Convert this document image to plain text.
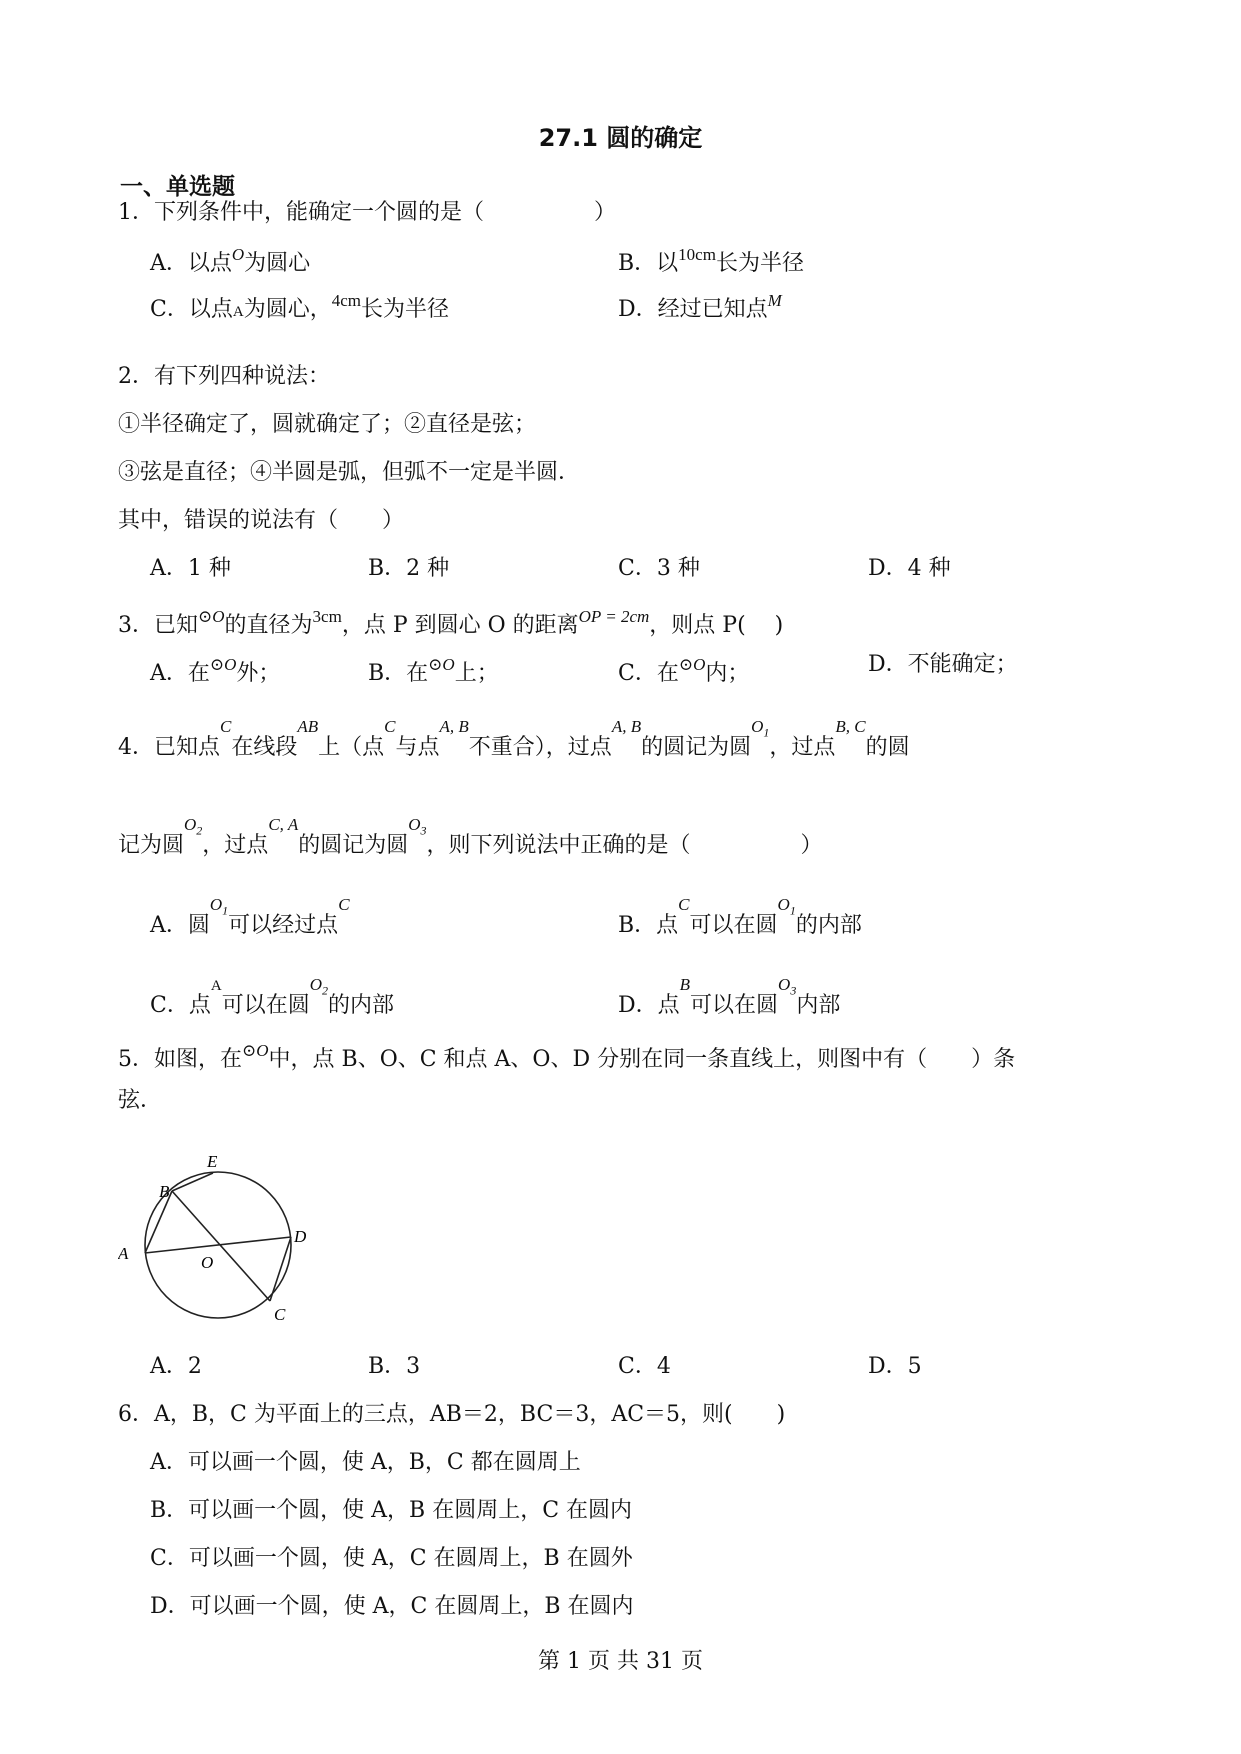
27.1 圆的确定
一、单选题
1．下列条件中，能确定一个圆的是（　　　　　）
A．以点$^O$为圆心	B．以$^{10cm}$长为半径
C．以点A为圆心，$^{4cm}$长为半径	D．经过已知点$^M$
2．有下列四种说法：
①半径确定了，圆就确定了；②直径是弦；
③弦是直径；④半圆是弧，但弧不一定是半圆．
其中，错误的说法有（　　）
A．1 种	B．2 种	C．3 种	D．4 种
3．已知$^{⊙O}$的直径为$^{3cm}$，点 P 到圆心 O 的距离$^{OP = 2cm}$，则点 P(　 )
A．在$^{⊙O}$外；	B．在$^{⊙O}$上；	C．在$^{⊙O}$内；	D．不能确定；
4．已知点$^C$在线段$^{AB}$上（点$^C$与点$^{A, B}$不重合），过点$^{A, B}$的圆记为圆$^{O_1}$，过点$^{B, C}$的圆
记为圆$^{O_2}$，过点$^{C, A}$的圆记为圆$^{O_3}$，则下列说法中正确的是（　　　　　）
A．圆$^{O_1}$可以经过点$^C$
B．点$^C$可以在圆$^{O_1}$的内部
C．点$^A$可以在圆$^{O_2}$的内部	D．点$^B$可以在圆$^{O_3}$内部
5．如图，在$^{⊙O}$中，点 B、O、C 和点 A、O、D 分别在同一条直线上，则图中有（　　）条
弦．
E
B
A	O
D
C
A．2	B．3	C．4	D．5
6．A，B，C 为平面上的三点，AB＝2，BC＝3，AC＝5，则(　　)
A．可以画一个圆，使 A，B，C 都在圆周上
B．可以画一个圆，使 A，B 在圆周上，C 在圆内
C．可以画一个圆，使 A，C 在圆周上，B 在圆外
D．可以画一个圆，使 A，C 在圆周上，B 在圆内
第 1 页 共 31 页
